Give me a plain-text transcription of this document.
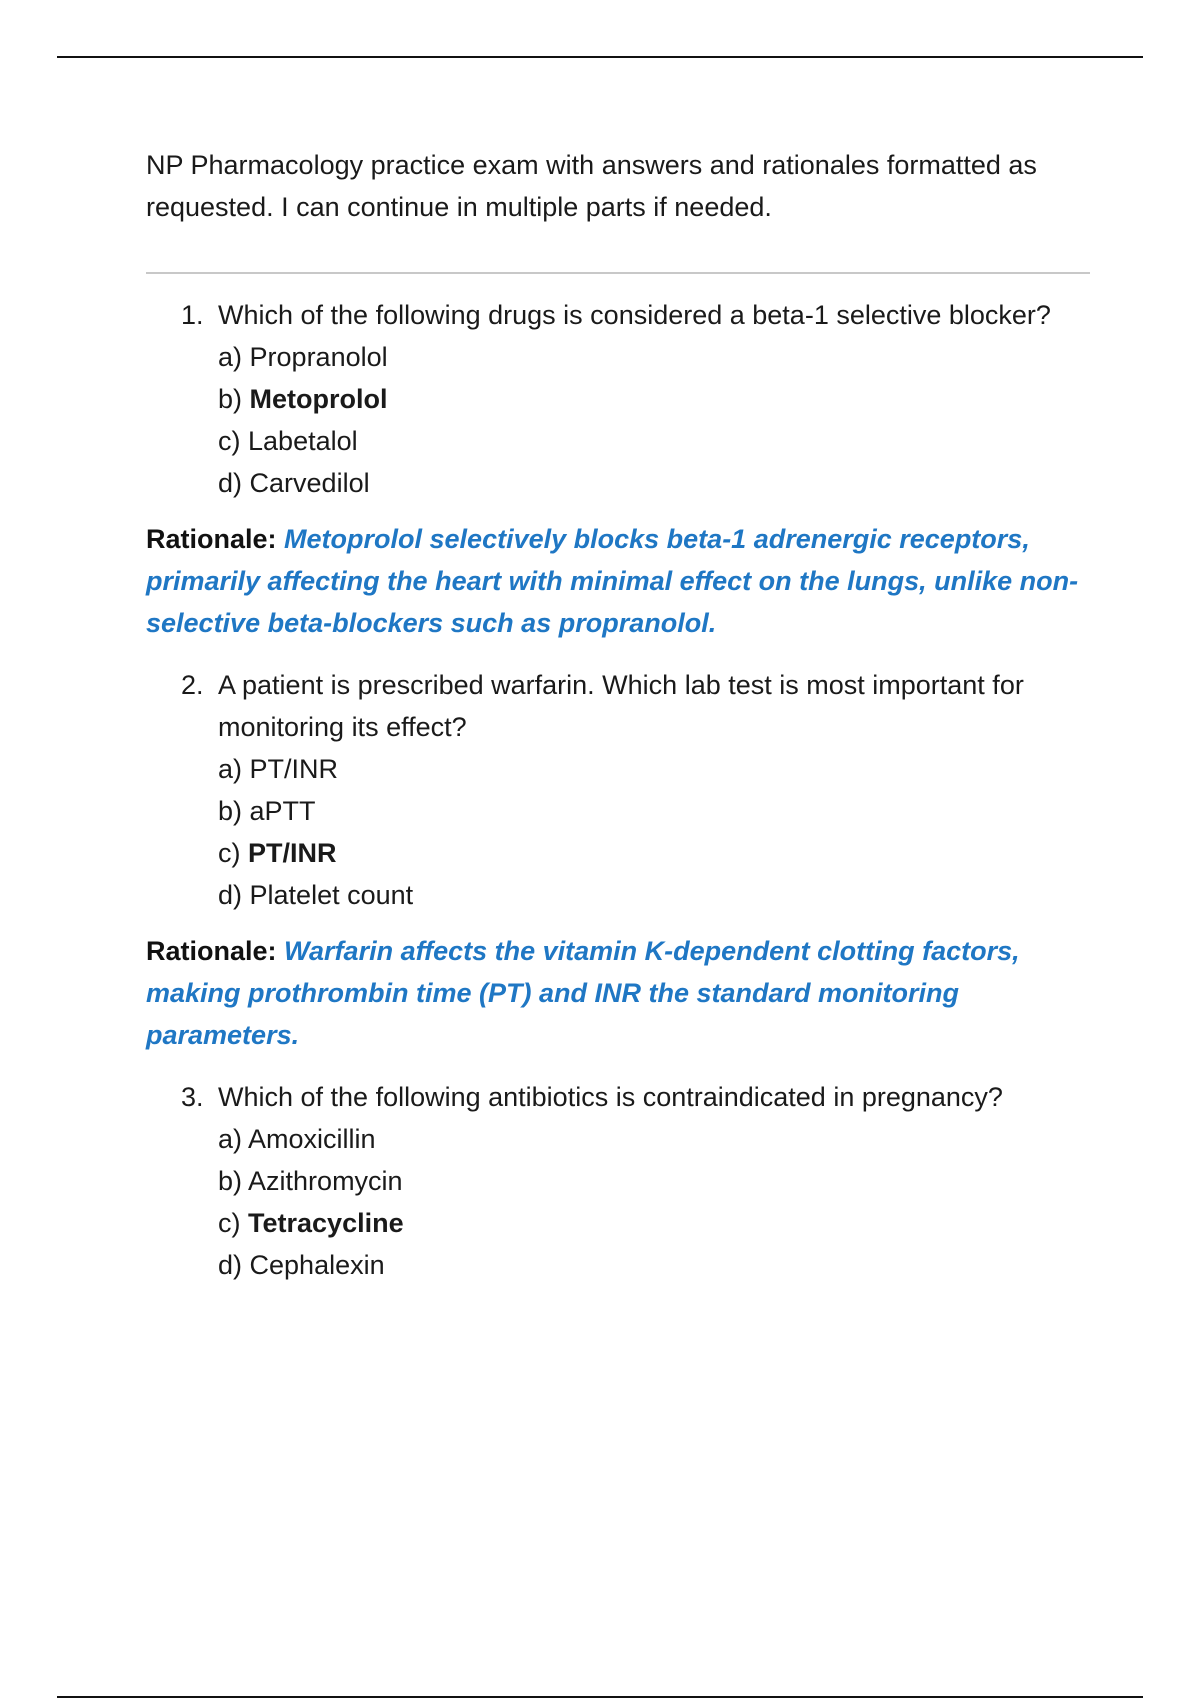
NP Pharmacology practice exam with answers and rationales formatted as requested. I can continue in multiple parts if needed.

1. Which of the following drugs is considered a beta-1 selective blocker?
a) Propranolol
b) Metoprolol
c) Labetalol
d) Carvedilol
Rationale: Metoprolol selectively blocks beta-1 adrenergic receptors, primarily affecting the heart with minimal effect on the lungs, unlike non-selective beta-blockers such as propranolol.
2. A patient is prescribed warfarin. Which lab test is most important for monitoring its effect?
a) PT/INR
b) aPTT
c) PT/INR
d) Platelet count
Rationale: Warfarin affects the vitamin K-dependent clotting factors, making prothrombin time (PT) and INR the standard monitoring parameters.
3. Which of the following antibiotics is contraindicated in pregnancy?
a) Amoxicillin
b) Azithromycin
c) Tetracycline
d) Cephalexin
